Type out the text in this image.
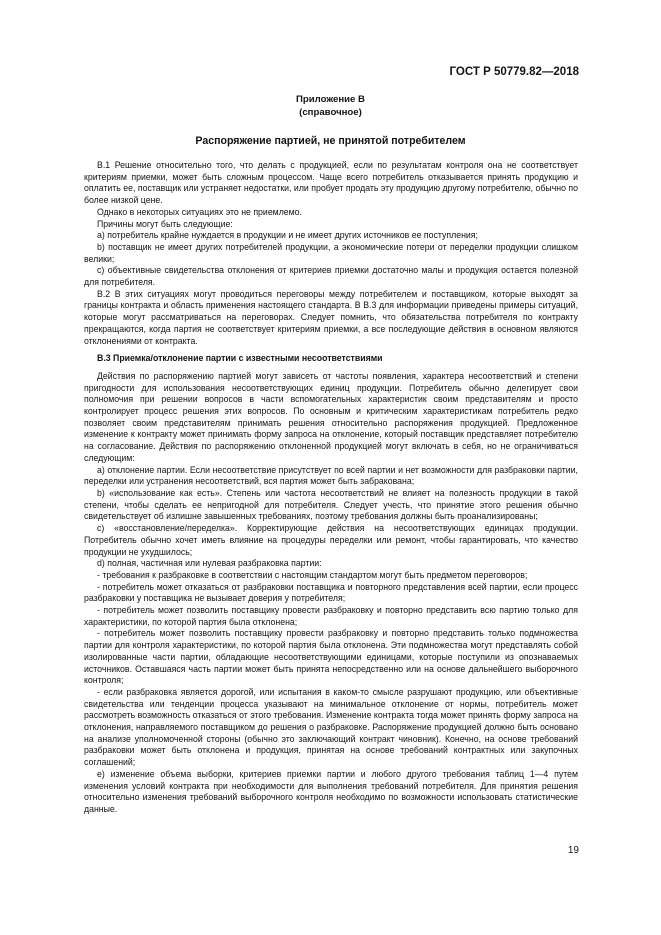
ГОСТ Р 50779.82—2018
Приложение В
(справочное)
Распоряжение партией, не принятой потребителем

В.1 Решение относительно того, что делать с продукцией, если по результатам контроля она не соответствует критериям приемки, может быть сложным процессом. Чаще всего потребитель отказывается принять продукцию и оплатить ее, поставщик или устраняет недостатки, или пробует продать эту продукцию другому потребителю, обычно по более низкой цене.

Однако в некоторых ситуациях это не приемлемо.

Причины могут быть следующие:

а) потребитель крайне нуждается в продукции и не имеет других источников ее поступления;

b) поставщик не имеет других потребителей продукции, а экономические потери от переделки продукции слишком велики;

с) объективные свидетельства отклонения от критериев приемки достаточно малы и продукция остается полезной для потребителя.

В.2 В этих ситуациях могут проводиться переговоры между потребителем и поставщиком, которые выходят за границы контракта и область применения настоящего стандарта. В В.3 для информации приведены примеры ситуаций, которые могут рассматриваться на переговорах. Следует помнить, что обязательства потребителя по контракту прекращаются, когда партия не соответствует критериям приемки, а все последующие действия в основном являются отклонениями от контракта.

В.3 Приемка/отклонение партии с известными несоответствиями

Действия по распоряжению партией могут зависеть от частоты появления, характера несоответствий и степени пригодности для использования несоответствующих единиц продукции. Потребитель обычно делегирует свои полномочия при решении вопросов в части вспомогательных характеристик своим представителям и просто контролирует процесс решения этих вопросов. По основным и критическим характеристикам потребитель редко позволяет своим представителям принимать решения относительно распоряжения продукцией. Предложенное изменение к контракту может принимать форму запроса на отклонение, который поставщик представляет потребителю на согласование. Действия по распоряжению отклоненной продукцией могут включать в себя, но не ограничиваться следующим:

а) отклонение партии. Если несоответствие присутствует по всей партии и нет возможности для разбраковки партии, переделки или устранения несоответствий, вся партия может быть забракована;

b) «использование как есть». Степень или частота несоответствий не влияет на полезность продукции в такой степени, чтобы сделать ее непригодной для потребителя. Следует учесть, что принятие этого решения обычно свидетельствует об излишне завышенных требованиях, поэтому требования должны быть проанализированы;

с) «восстановление/переделка». Корректирующие действия на несоответствующих единицах продукции. Потребитель обычно хочет иметь влияние на процедуры переделки или ремонт, чтобы гарантировать, что качество продукции не ухудшилось;

d) полная, частичная или нулевая разбраковка партии:

- требования к разбраковке в соответствии с настоящим стандартом могут быть предметом переговоров;

- потребитель может отказаться от разбраковки поставщика и повторного представления всей партии, если процесс разбраковки у поставщика не вызывает доверия у потребителя;

- потребитель может позволить поставщику провести разбраковку и повторно представить всю партию только для характеристики, по которой партия была отклонена;

- потребитель может позволить поставщику провести разбраковку и повторно представить только подмножества партии для контроля характеристики, по которой партия была отклонена. Эти подмножества могут представлять собой изолированные части партии, обладающие несоответствующими единицами, которые поступили из опознаваемых источников. Оставшаяся часть партии может быть принята непосредственно или на основе дальнейшего выборочного контроля;

- если разбраковка является дорогой, или испытания в каком-то смысле разрушают продукцию, или объективные свидетельства или тенденции процесса указывают на минимальное отклонение от нормы, потребитель может рассмотреть возможность отказаться от этого требования. Изменение контракта тогда может принять форму запроса на отклонения, направляемого поставщиком до решения о разбраковке. Распоряжение продукцией должно быть основано на анализе уполномоченной стороны (обычно это заключающий контракт чиновник). Конечно, на основе требований разбраковки может быть отклонена и продукция, принятая на основе требований контрактных или закупочных соглашений;

е) изменение объема выборки, критериев приемки партии и любого другого требования таблиц 1—4 путем изменения условий контракта при необходимости для выполнения требований потребителя. Для принятия решения относительно изменения требований выборочного контроля необходимо по возможности использовать статистические данные.

19
